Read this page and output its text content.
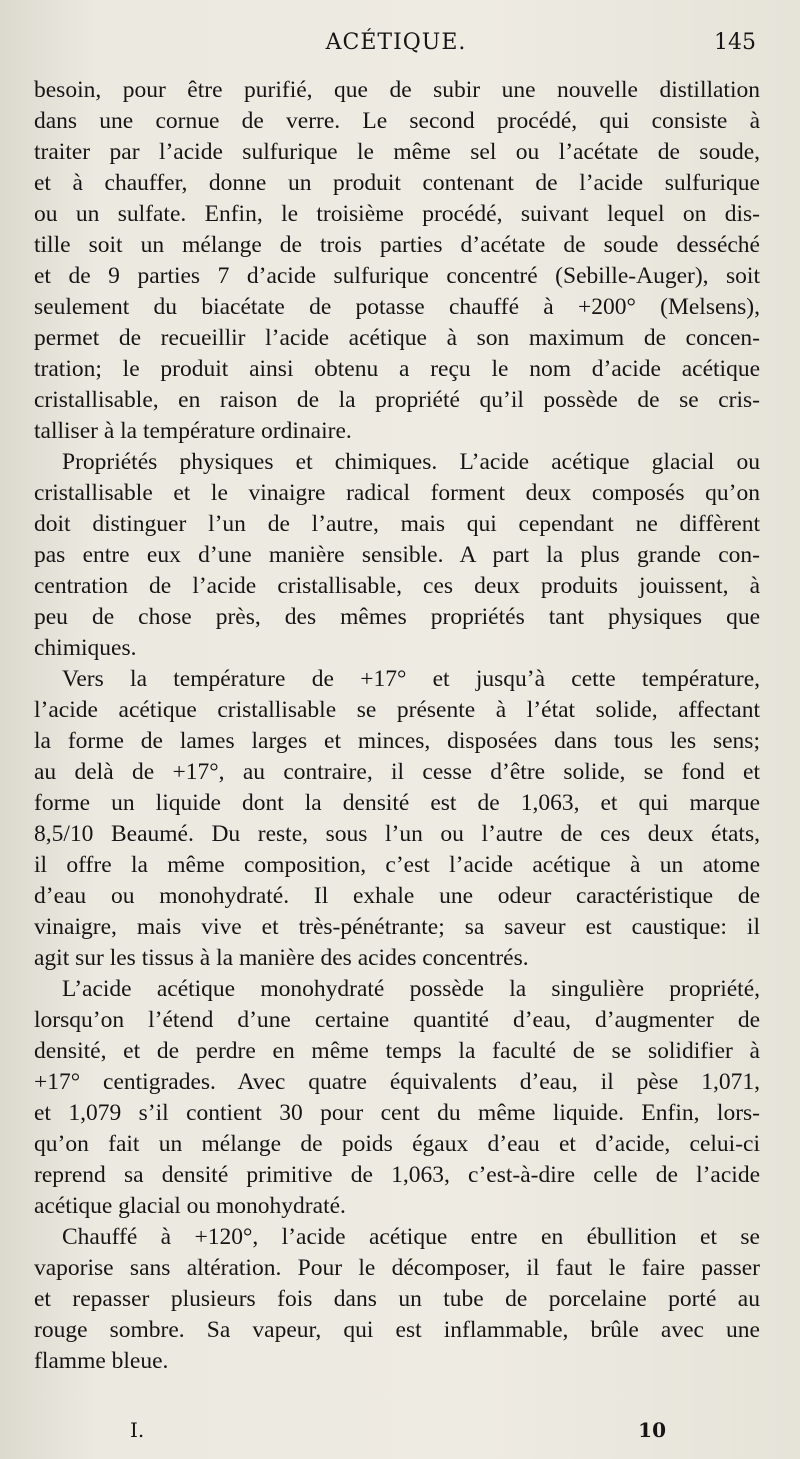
ACÉTIQUE.	145
besoin, pour être purifié, que de subir une nouvelle distillation
dans une cornue de verre. Le second procédé, qui consiste à
traiter par l’acide sulfurique le même sel ou l’acétate de soude,
et à chauffer, donne un produit contenant de l’acide sulfurique
ou un sulfate. Enfin, le troisième procédé, suivant lequel on dis-
tille soit un mélange de trois parties d’acétate de soude desséché
et de 9 parties 7 d’acide sulfurique concentré (Sebille-Auger), soit
seulement du biacétate de potasse chauffé à +200° (Melsens),
permet de recueillir l’acide acétique à son maximum de concen-
tration; le produit ainsi obtenu a reçu le nom d’acide acétique
cristallisable, en raison de la propriété qu’il possède de se cris-
talliser à la température ordinaire.
Propriétés physiques et chimiques. L’acide acétique glacial ou
cristallisable et le vinaigre radical forment deux composés qu’on
doit distinguer l’un de l’autre, mais qui cependant ne diffèrent
pas entre eux d’une manière sensible. A part la plus grande con-
centration de l’acide cristallisable, ces deux produits jouissent, à
peu de chose près, des mêmes propriétés tant physiques que
chimiques.
Vers la température de +17° et jusqu’à cette température,
l’acide acétique cristallisable se présente à l’état solide, affectant
la forme de lames larges et minces, disposées dans tous les sens;
au delà de +17°, au contraire, il cesse d’être solide, se fond et
forme un liquide dont la densité est de 1,063, et qui marque
8,5/10 Beaumé. Du reste, sous l’un ou l’autre de ces deux états,
il offre la même composition, c’est l’acide acétique à un atome
d’eau ou monohydraté. Il exhale une odeur caractéristique de
vinaigre, mais vive et très-pénétrante; sa saveur est caustique: il
agit sur les tissus à la manière des acides concentrés.
L’acide acétique monohydraté possède la singulière propriété,
lorsqu’on l’étend d’une certaine quantité d’eau, d’augmenter de
densité, et de perdre en même temps la faculté de se solidifier à
+17° centigrades. Avec quatre équivalents d’eau, il pèse 1,071,
et 1,079 s’il contient 30 pour cent du même liquide. Enfin, lors-
qu’on fait un mélange de poids égaux d’eau et d’acide, celui-ci
reprend sa densité primitive de 1,063, c’est-à-dire celle de l’acide
acétique glacial ou monohydraté.
Chauffé à +120°, l’acide acétique entre en ébullition et se
vaporise sans altération. Pour le décomposer, il faut le faire passer
et repasser plusieurs fois dans un tube de porcelaine porté au
rouge sombre. Sa vapeur, qui est inflammable, brûle avec une
flamme bleue.
I.	10
